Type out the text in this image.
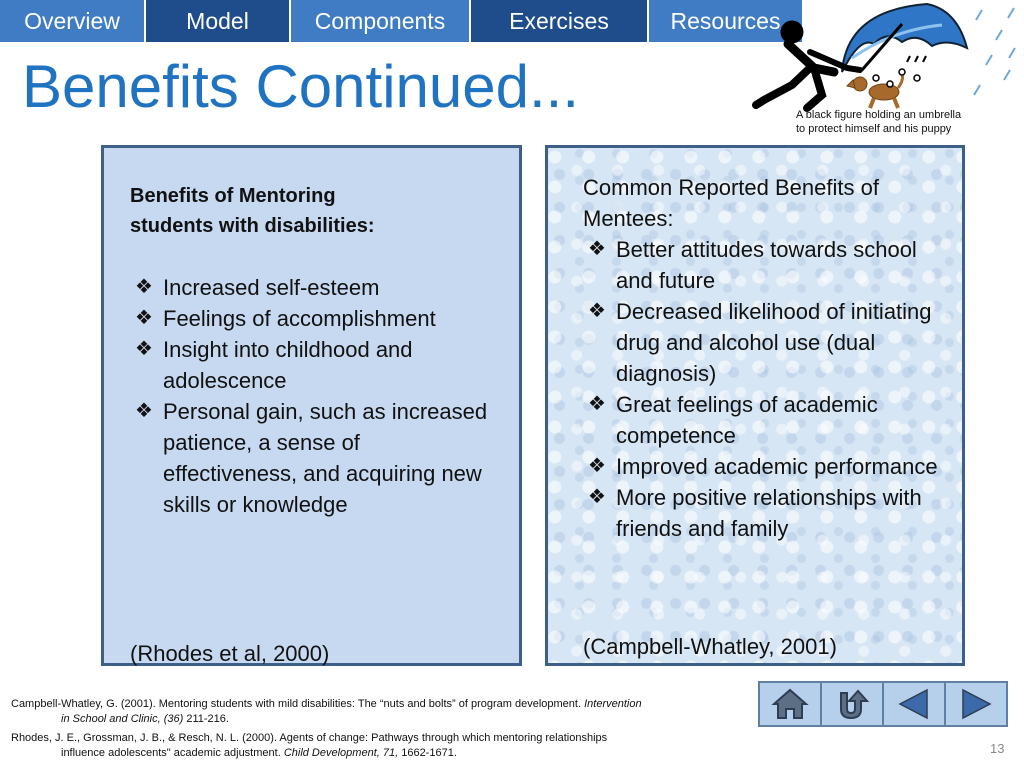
Overview	Model	Components	Exercises	Resources
Benefits Continued...	A black figure holding an umbrella
to protect himself and his puppy
Benefits of Mentoring
students with disabilities:
❖ Increased self-esteem
❖ Feelings of accomplishment
❖ Insight into childhood and adolescence
❖ Personal gain, such as increased patience, a sense of effectiveness, and acquiring new skills or knowledge
(Rhodes et al, 2000)
Common Reported Benefits of Mentees:
❖ Better attitudes towards school and future
❖ Decreased likelihood of initiating drug and alcohol use (dual diagnosis)
❖ Great feelings of academic competence
❖ Improved academic performance
❖ More positive relationships with friends and family
(Campbell-Whatley, 2001)
Campbell-Whatley, G. (2001). Mentoring students with mild disabilities: The “nuts and bolts” of program development. Intervention in School and Clinic, (36) 211-216.
Rhodes, J. E., Grossman, J. B., & Resch, N. L. (2000). Agents of change: Pathways through which mentoring relationships influence adolescents" academic adjustment. Child Development, 71, 1662-1671.	13
